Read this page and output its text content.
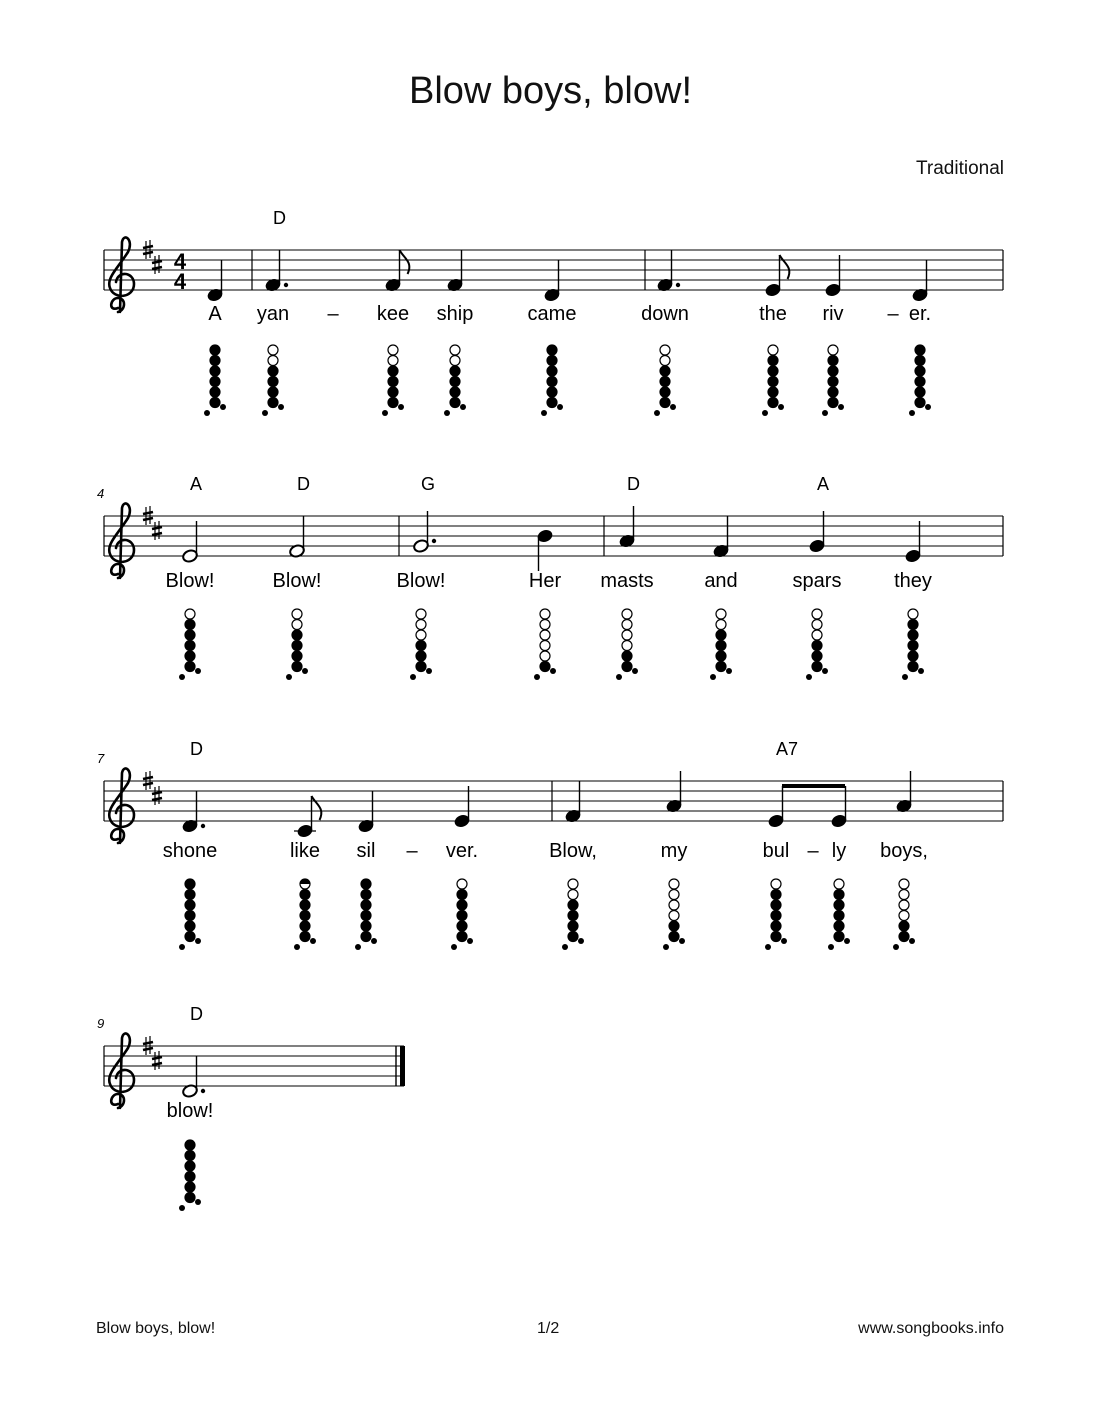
Blow boys, blow!
Traditional
4
4
D
A yan	kee ship	came	down	the riv	er.
–	–
4	A	D	G	D	A
Blow!	Blow!	Blow!	Her masts	and	spars	they
7	D	A7
shone	like sil	ver.	Blow,	my	bul ly boys,
–	–
9	D
blow!
Blow boys, blow!	1/2	www.songbooks.info
